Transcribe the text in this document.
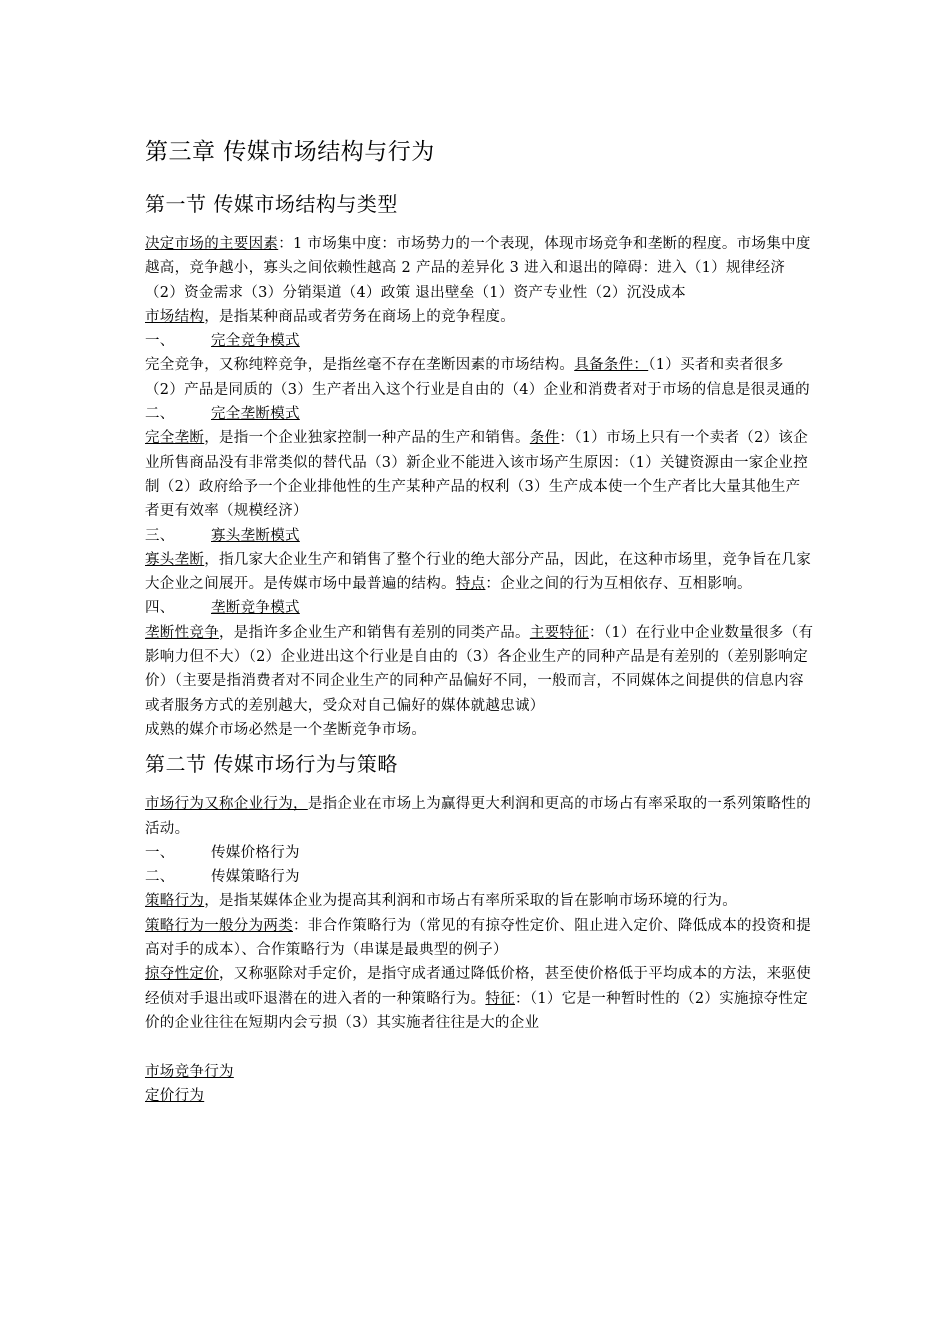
第三章 传媒市场结构与行为
第一节 传媒市场结构与类型

决定市场的主要因素：1 市场集中度：市场势力的一个表现，体现市场竞争和垄断的程度。市场集中度越高，竞争越小，寡头之间依赖性越高 2 产品的差异化 3 进入和退出的障碍：进入（1）规律经济（2）资金需求（3）分销渠道（4）政策 退出壁垒（1）资产专业性（2）沉没成本

市场结构，是指某种商品或者劳务在商场上的竞争程度。

一、	完全竞争模式

完全竞争，又称纯粹竞争，是指丝毫不存在垄断因素的市场结构。具备条件：（1）买者和卖者很多（2）产品是同质的（3）生产者出入这个行业是自由的（4）企业和消费者对于市场的信息是很灵通的

二、	完全垄断模式

完全垄断，是指一个企业独家控制一种产品的生产和销售。条件：（1）市场上只有一个卖者（2）该企业所售商品没有非常类似的替代品（3）新企业不能进入该市场产生原因：（1）关键资源由一家企业控制（2）政府给予一个企业排他性的生产某种产品的权利（3）生产成本使一个生产者比大量其他生产者更有效率（规模经济）

三、	寡头垄断模式

寡头垄断，指几家大企业生产和销售了整个行业的绝大部分产品，因此，在这种市场里，竞争旨在几家大企业之间展开。是传媒市场中最普遍的结构。特点：企业之间的行为互相依存、互相影响。

四、	垄断竞争模式

垄断性竞争，是指许多企业生产和销售有差别的同类产品。主要特征：（1）在行业中企业数量很多（有影响力但不大）（2）企业进出这个行业是自由的（3）各企业生产的同种产品是有差别的（差别影响定价）（主要是指消费者对不同企业生产的同种产品偏好不同，一般而言，不同媒体之间提供的信息内容或者服务方式的差别越大，受众对自己偏好的媒体就越忠诚）

成熟的媒介市场必然是一个垄断竞争市场。

第二节 传媒市场行为与策略

市场行为又称企业行为，是指企业在市场上为赢得更大利润和更高的市场占有率采取的一系列策略性的活动。

一、	传媒价格行为

二、	传媒策略行为

策略行为，是指某媒体企业为提高其利润和市场占有率所采取的旨在影响市场环境的行为。

策略行为一般分为两类：非合作策略行为（常见的有掠夺性定价、阻止进入定价、降低成本的投资和提高对手的成本）、合作策略行为（串谋是最典型的例子）

掠夺性定价，又称驱除对手定价，是指守成者通过降低价格，甚至使价格低于平均成本的方法，来驱使经侦对手退出或吓退潜在的进入者的一种策略行为。特征：（1）它是一种暂时性的（2）实施掠夺性定价的企业往往在短期内会亏损（3）其实施者往往是大的企业

市场竞争行为

定价行为
